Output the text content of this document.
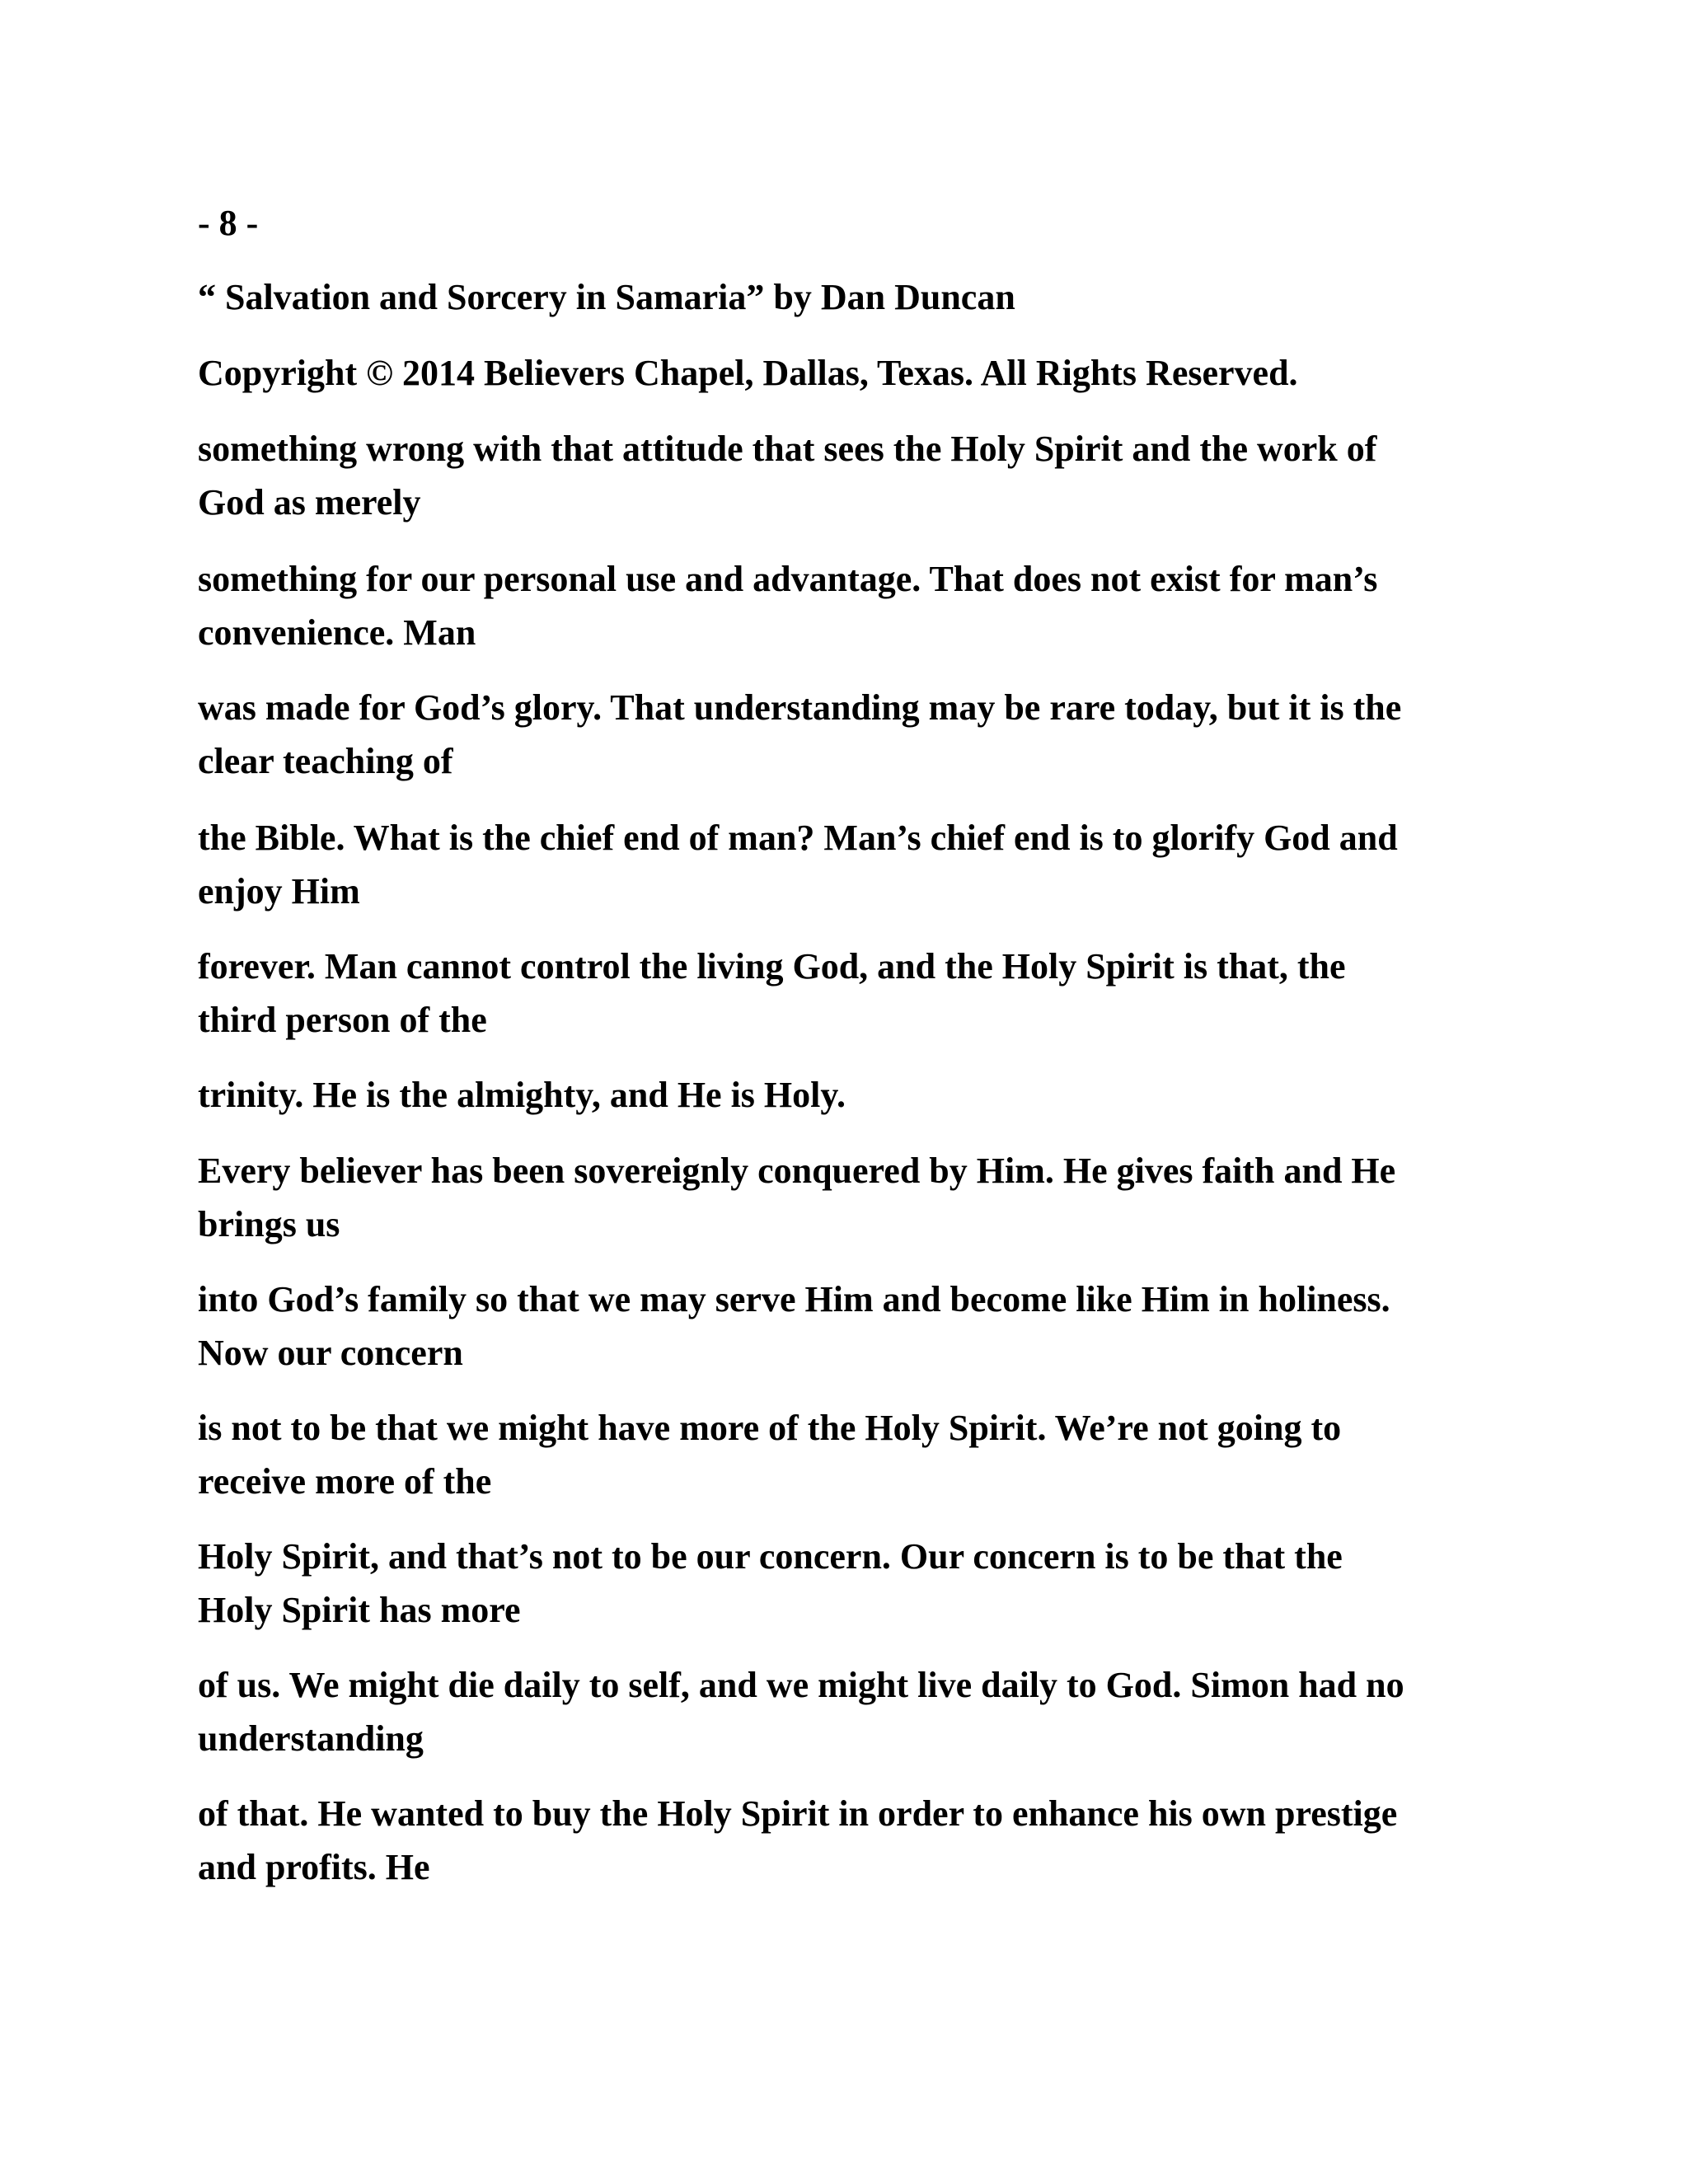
- 8 -
“ Salvation and Sorcery in Samaria” by Dan Duncan
Copyright © 2014 Believers Chapel, Dallas, Texas. All Rights Reserved.
something wrong with that attitude that sees the Holy Spirit and the work of
God as merely
something for our personal use and advantage. That does not exist for man’s
convenience. Man
was made for God’s glory. That understanding may be rare today, but it is the
clear teaching of
the Bible. What is the chief end of man? Man’s chief end is to glorify God and
enjoy Him
forever. Man cannot control the living God, and the Holy Spirit is that, the
third person of the
trinity. He is the almighty, and He is Holy.
Every believer has been sovereignly conquered by Him. He gives faith and He
brings us
into God’s family so that we may serve Him and become like Him in holiness.
Now our concern
is not to be that we might have more of the Holy Spirit. We’re not going to
receive more of the
Holy Spirit, and that’s not to be our concern. Our concern is to be that the
Holy Spirit has more
of us. We might die daily to self, and we might live daily to God. Simon had no
understanding
of that. He wanted to buy the Holy Spirit in order to enhance his own prestige
and profits. He
